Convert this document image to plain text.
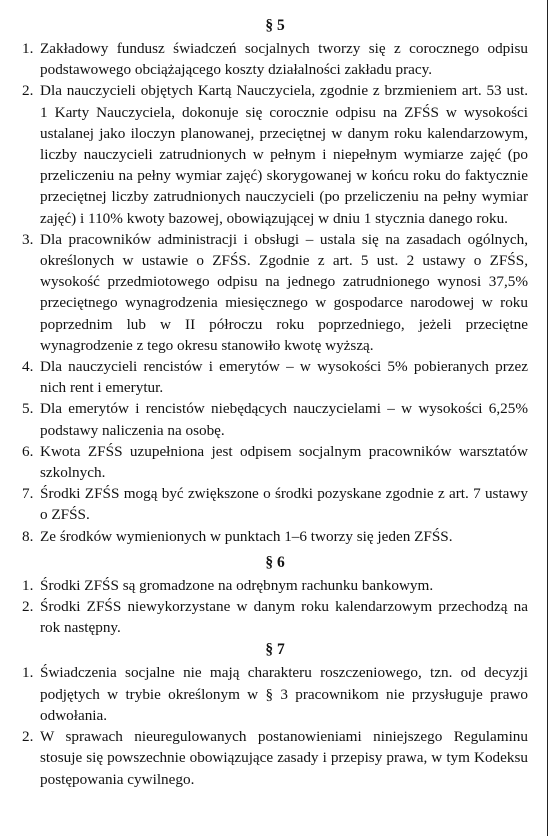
§ 5
1. Zakładowy fundusz świadczeń socjalnych tworzy się z corocznego odpisu podstawowego obciążającego koszty działalności zakładu pracy.
2. Dla nauczycieli objętych Kartą Nauczyciela, zgodnie z brzmieniem art. 53 ust. 1 Karty Nauczyciela, dokonuje się corocznie odpisu na ZFŚS w wysokości ustalanej jako iloczyn planowanej, przeciętnej w danym roku kalendarzowym, liczby nauczycieli zatrudnionych w pełnym i niepełnym wymiarze zajęć (po przeliczeniu na pełny wymiar zajęć) skorygowanej w końcu roku do faktycznie przeciętnej liczby zatrudnionych nauczycieli (po przeliczeniu na pełny wymiar zajęć) i 110% kwoty bazowej, obowiązującej w dniu 1 stycznia danego roku.
3. Dla pracowników administracji i obsługi – ustala się na zasadach ogólnych, określonych w ustawie o ZFŚS. Zgodnie z art. 5 ust. 2 ustawy o ZFŚS, wysokość przedmiotowego odpisu na jednego zatrudnionego wynosi 37,5% przeciętnego wynagrodzenia miesięcznego w gospodarce narodowej w roku poprzednim lub w II półroczu roku poprzedniego, jeżeli przeciętne wynagrodzenie z tego okresu stanowiło kwotę wyższą.
4. Dla nauczycieli rencistów i emerytów – w wysokości 5% pobieranych przez nich rent i emerytur.
5. Dla emerytów i rencistów niebędących nauczycielami – w wysokości 6,25% podstawy naliczenia na osobę.
6. Kwota ZFŚS uzupełniona jest odpisem socjalnym pracowników warsztatów szkolnych.
7. Środki ZFŚS mogą być zwiększone o środki pozyskane zgodnie z art. 7 ustawy o ZFŚS.
8. Ze środków wymienionych w punktach 1–6 tworzy się jeden ZFŚS.
§ 6
1. Środki ZFŚS są gromadzone na odrębnym rachunku bankowym.
2. Środki ZFŚS niewykorzystane w danym roku kalendarzowym przechodzą na rok następny.
§ 7
1. Świadczenia socjalne nie mają charakteru roszczeniowego, tzn. od decyzji podjętych w trybie określonym w § 3 pracownikom nie przysługuje prawo odwołania.
2. W sprawach nieuregulowanych postanowieniami niniejszego Regulaminu stosuje się powszechnie obowiązujące zasady i przepisy prawa, w tym Kodeksu postępowania cywilnego.
